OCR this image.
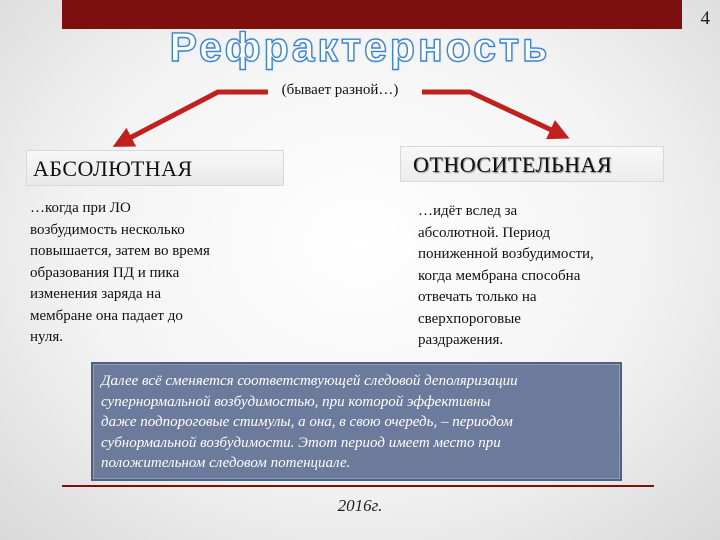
4
Рефрактерность
(бывает разной…)
АБСОЛЮТНАЯ	ОТНОСИТЕЛЬНАЯ
…когда при ЛО
возбудимость несколько
повышается, затем во время
образования ПД и пика
изменения заряда на
мембране она падает до
нуля.
…идёт вслед за
абсолютной. Период
пониженной возбудимости,
когда мембрана способна
отвечать только на
сверхпороговые
раздражения.
Далее всё сменяется соответствующей следовой деполяризации
супернормальной возбудимостью, при которой эффективны
даже подпороговые стимулы, а она, в свою очередь, – периодом
субнормальной возбудимости. Этот период имеет место при
положительном следовом потенциале.
2016г.
